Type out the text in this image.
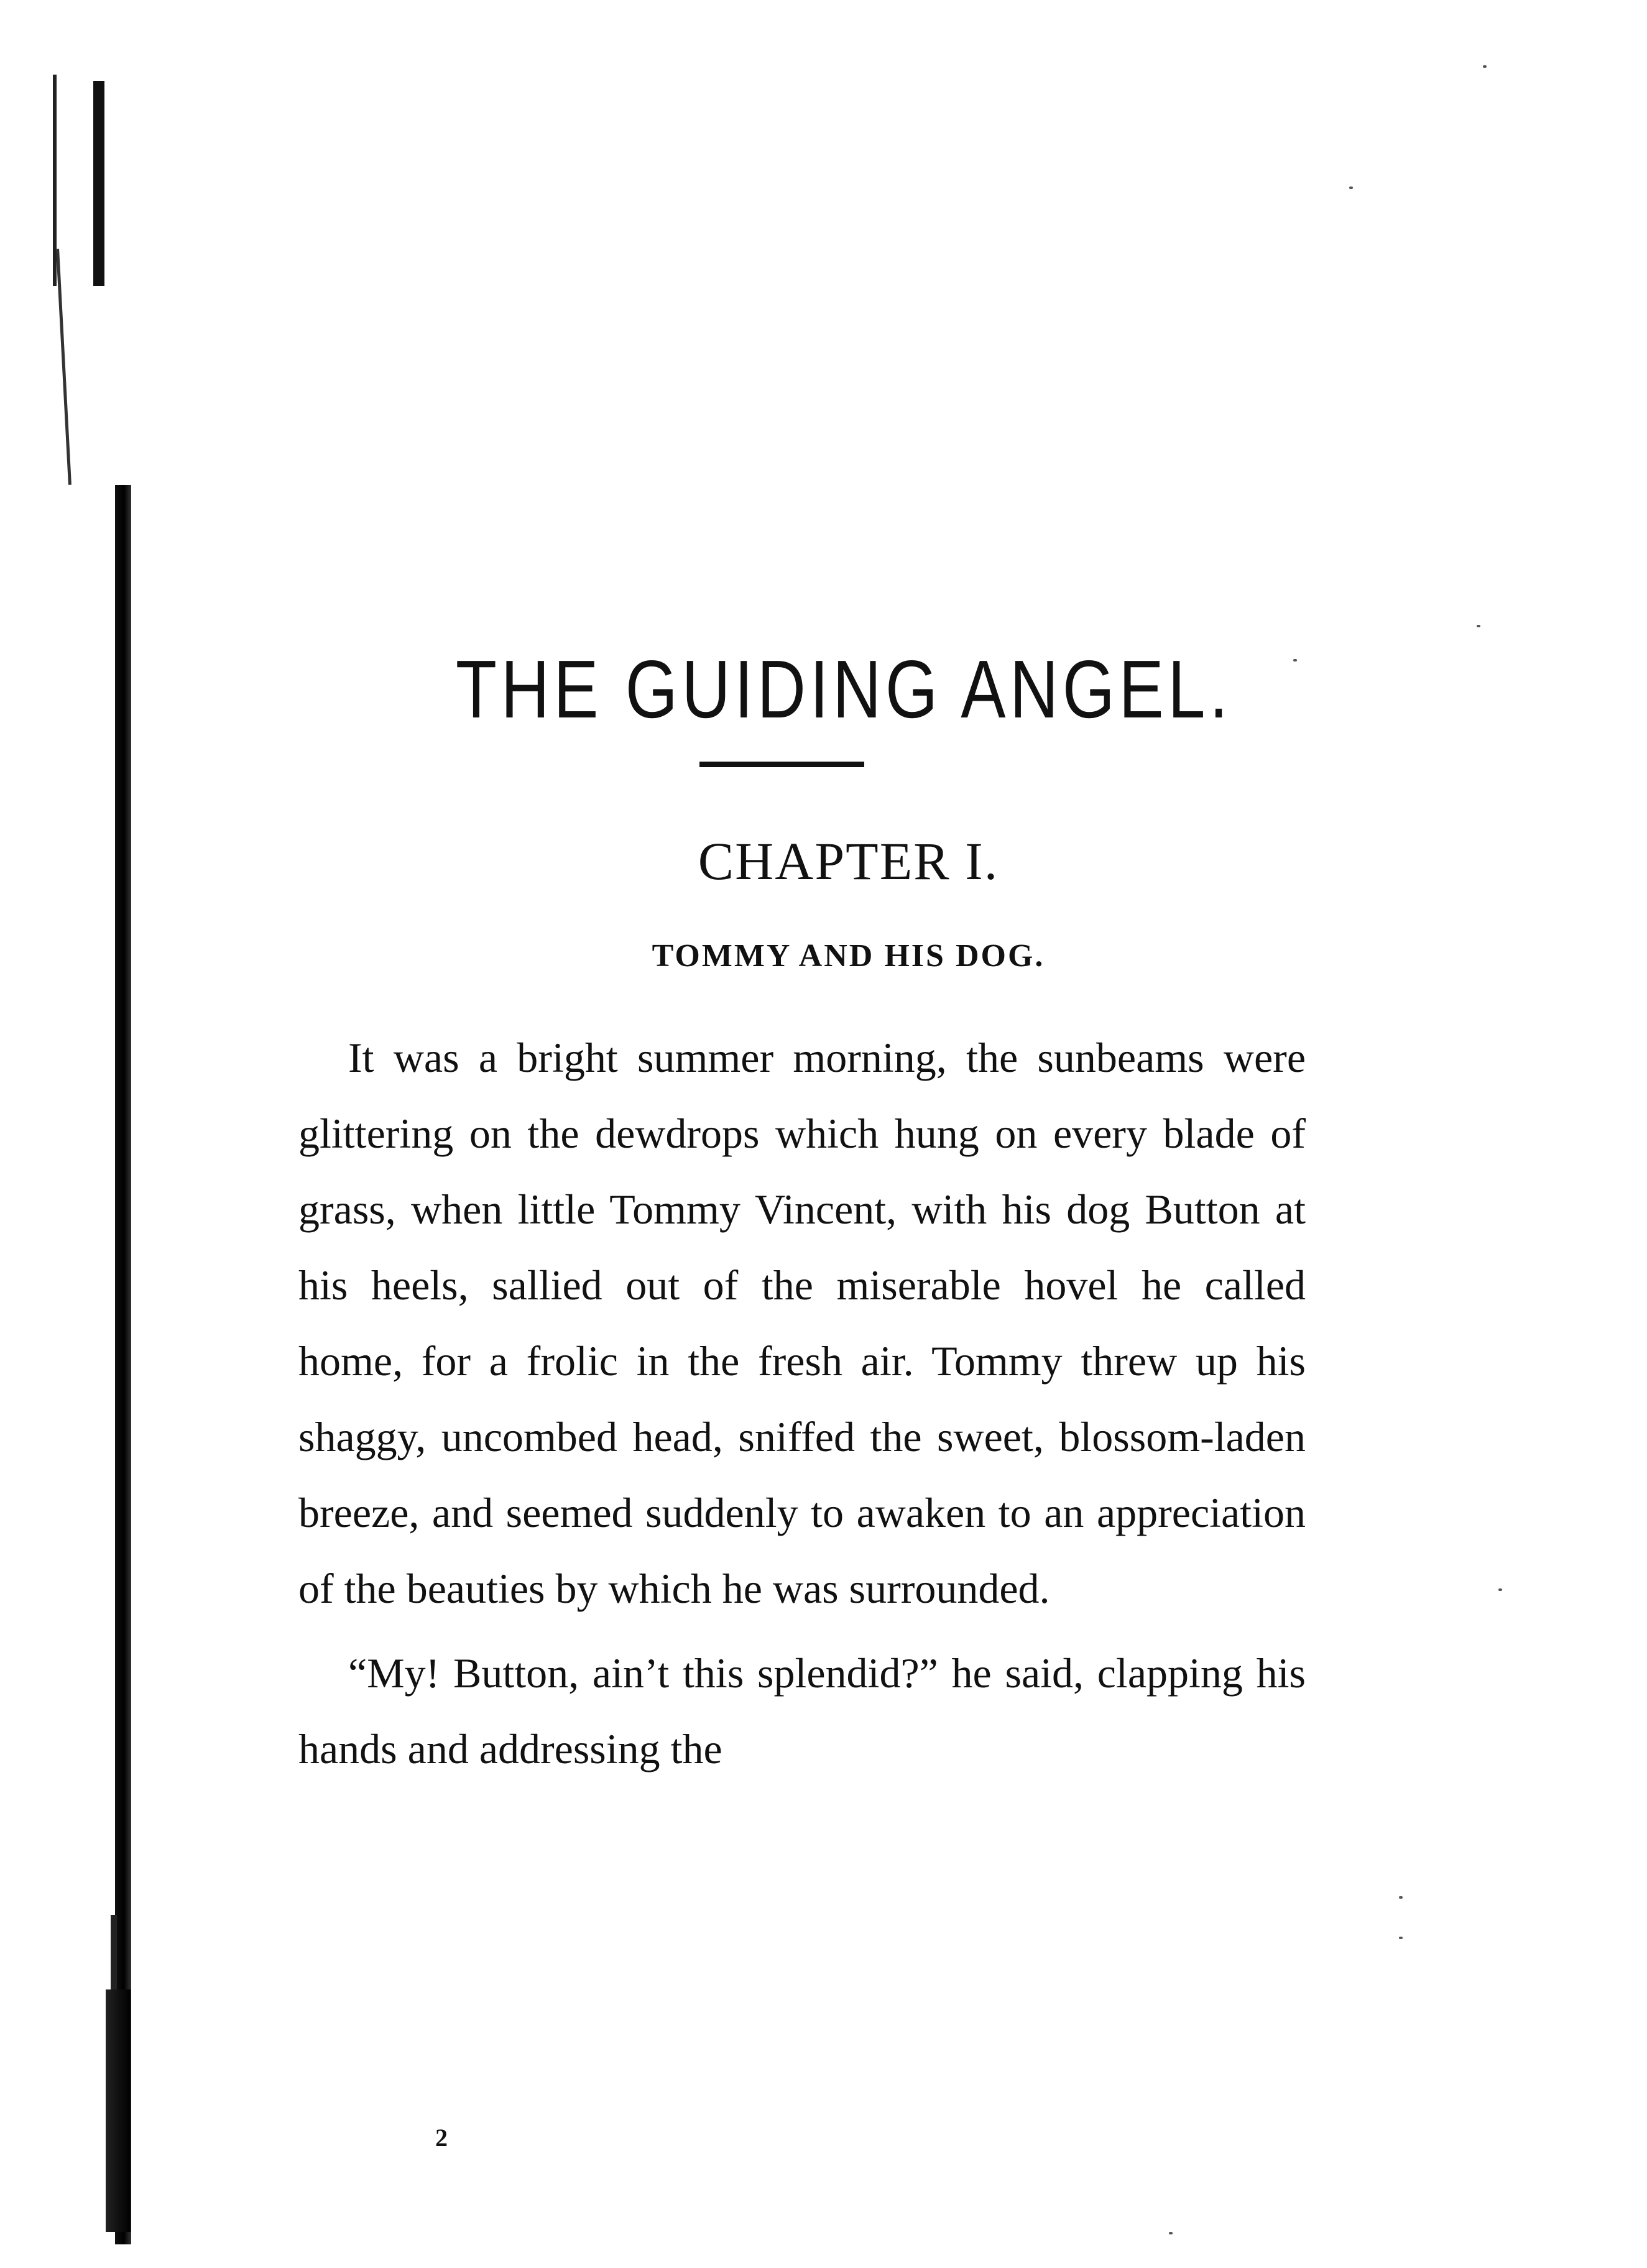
THE GUIDING ANGEL.
CHAPTER I.
TOMMY AND HIS DOG.

It was a bright summer morning, the sunbeams were glittering on the dewdrops which hung on every blade of grass, when little Tommy Vincent, with his dog Button at his heels, sallied out of the miserable hovel he called home, for a frolic in the fresh air. Tommy threw up his shaggy, uncombed head, sniffed the sweet, blossom-laden breeze, and seemed suddenly to awaken to an appreciation of the beauties by which he was surrounded.

“My! Button, ain’t this splendid?” he said, clapping his hands and addressing the

2
